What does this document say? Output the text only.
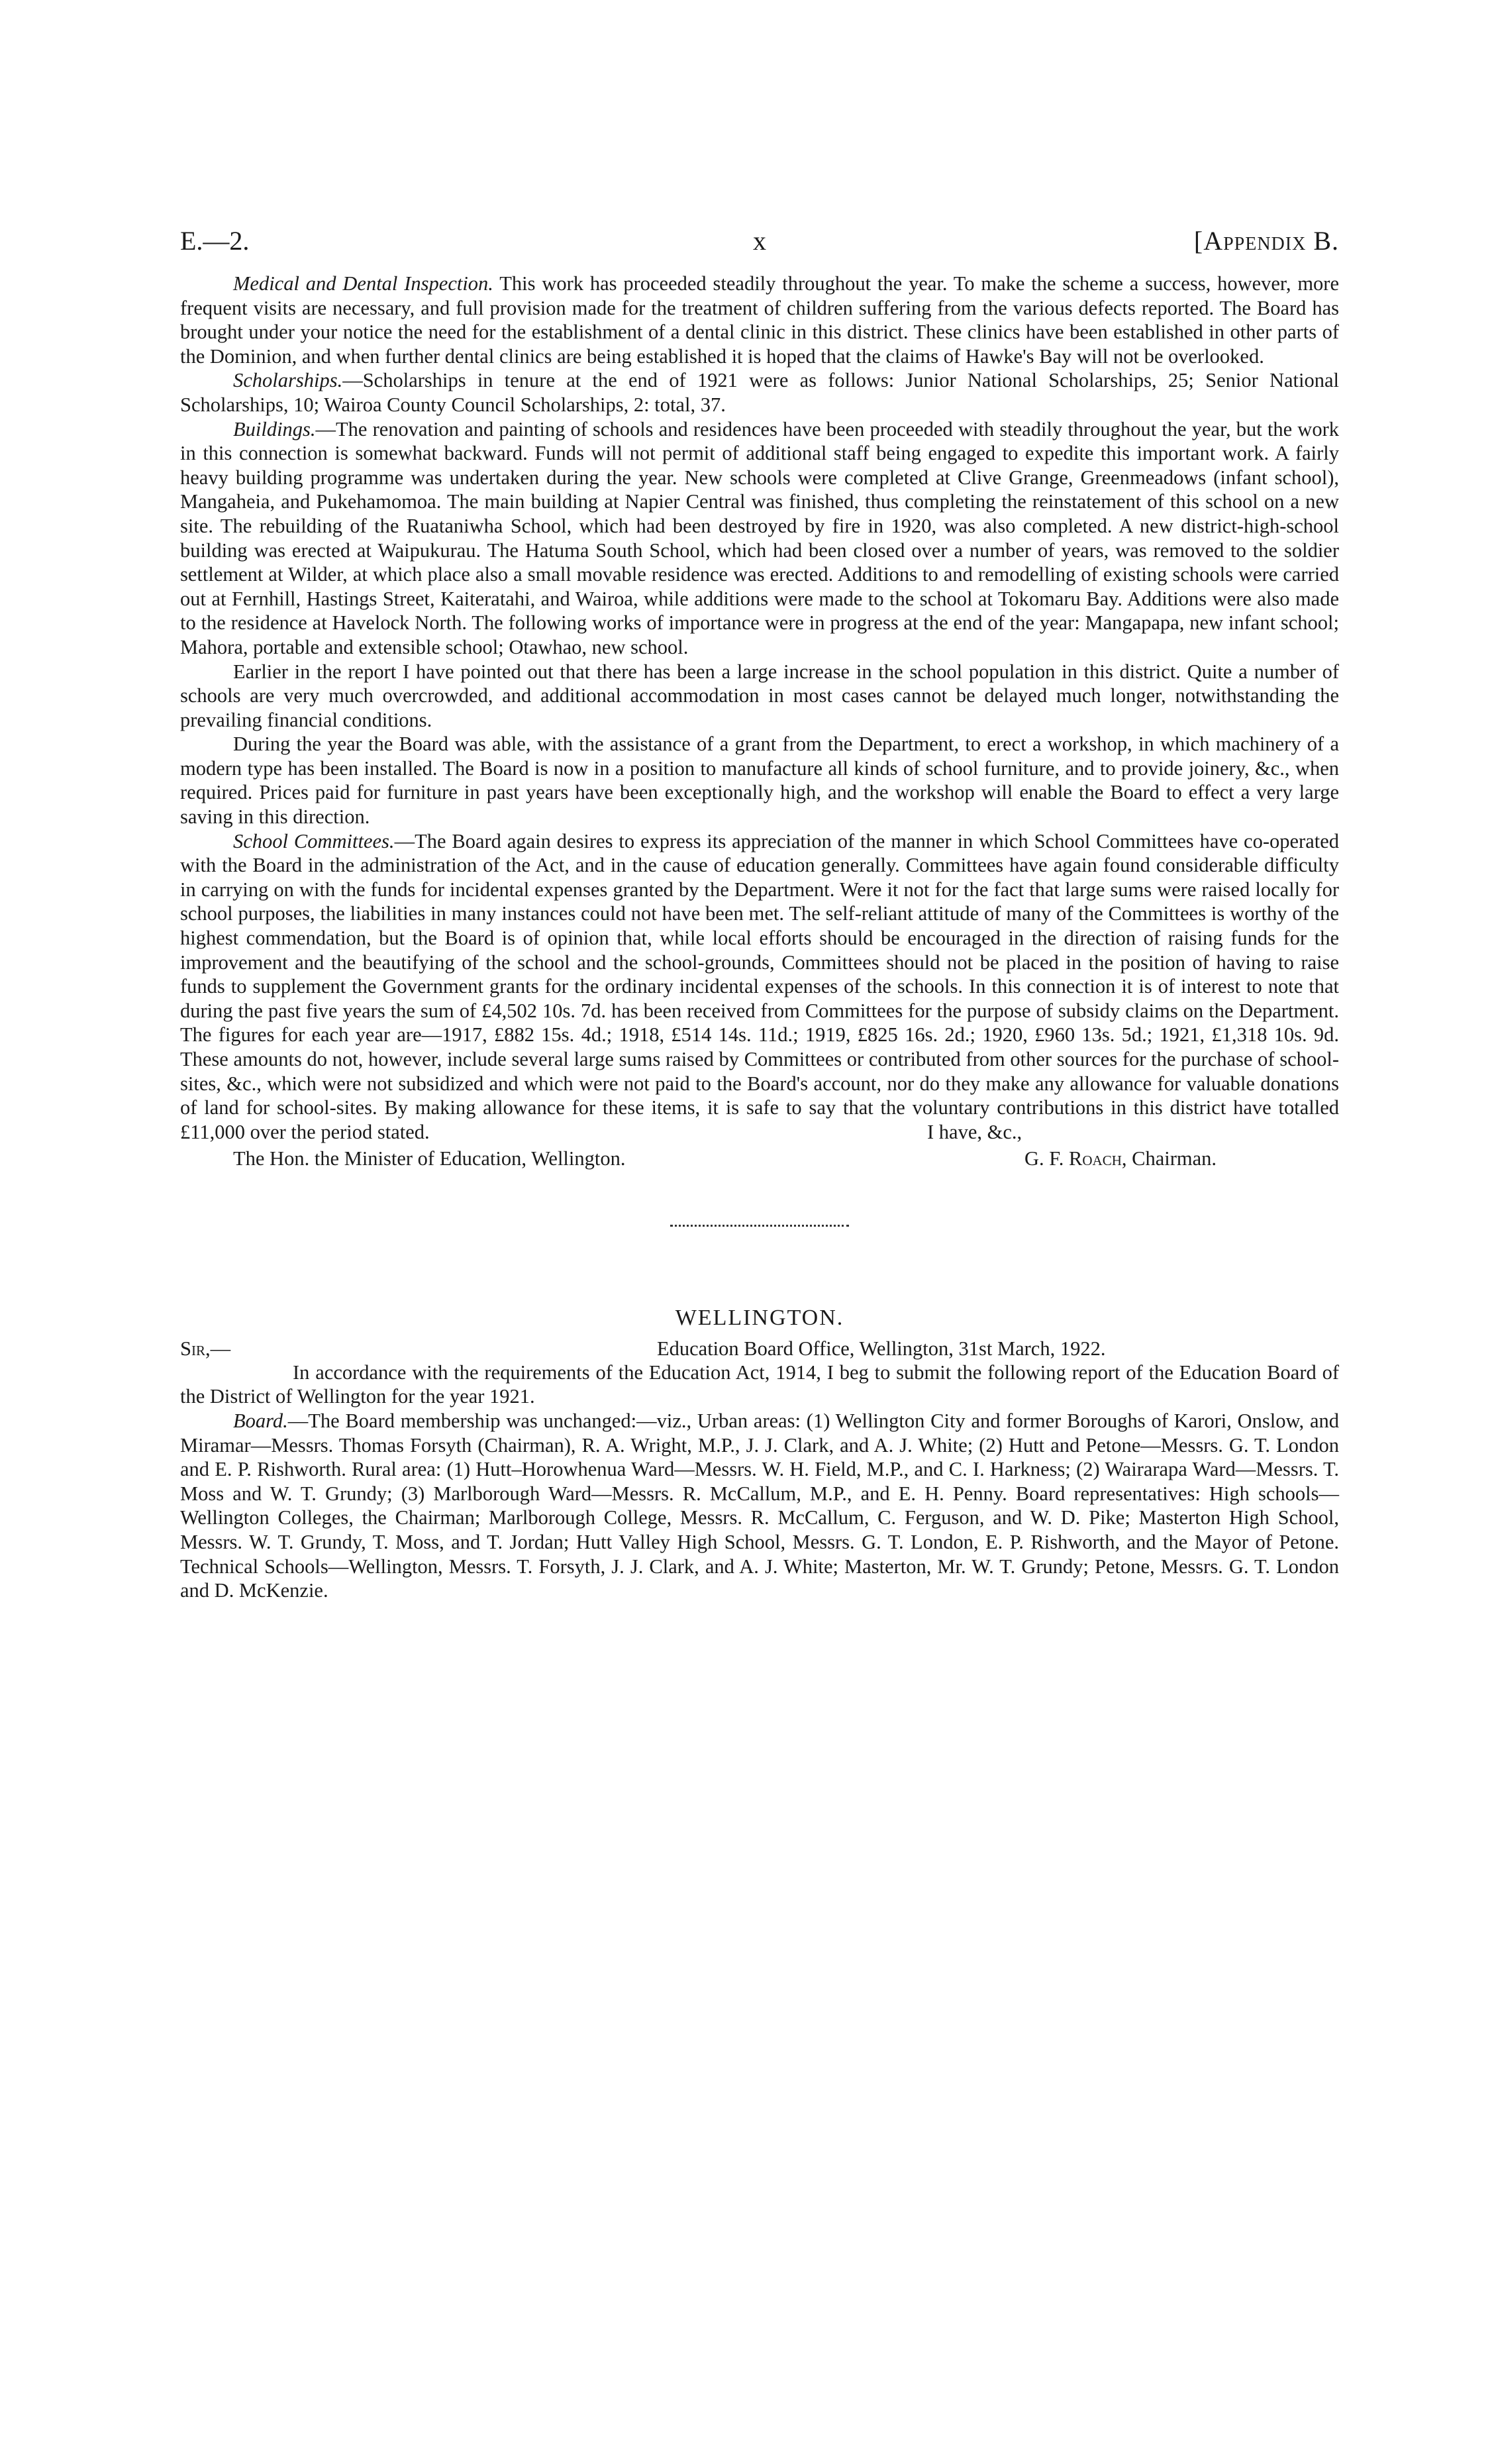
E.—2.	x	[Appendix B.

Medical and Dental Inspection. This work has proceeded steadily throughout the year. To make the scheme a success, however, more frequent visits are necessary, and full provision made for the treatment of children suffering from the various defects reported. The Board has brought under your notice the need for the establishment of a dental clinic in this district. These clinics have been established in other parts of the Dominion, and when further dental clinics are being established it is hoped that the claims of Hawke's Bay will not be overlooked.

Scholarships.—Scholarships in tenure at the end of 1921 were as follows: Junior National Scholarships, 25; Senior National Scholarships, 10; Wairoa County Council Scholarships, 2: total, 37.

Buildings.—The renovation and painting of schools and residences have been proceeded with steadily throughout the year, but the work in this connection is somewhat backward. Funds will not permit of additional staff being engaged to expedite this important work. A fairly heavy building programme was undertaken during the year. New schools were completed at Clive Grange, Greenmeadows (infant school), Mangaheia, and Pukehamomoa. The main building at Napier Central was finished, thus completing the reinstatement of this school on a new site. The rebuilding of the Ruataniwha School, which had been destroyed by fire in 1920, was also completed. A new district-high-school building was erected at Waipukurau. The Hatuma South School, which had been closed over a number of years, was removed to the soldier settlement at Wilder, at which place also a small movable residence was erected. Additions to and remodelling of existing schools were carried out at Fernhill, Hastings Street, Kaiteratahi, and Wairoa, while additions were made to the school at Tokomaru Bay. Additions were also made to the residence at Havelock North. The following works of importance were in progress at the end of the year: Mangapapa, new infant school; Mahora, portable and extensible school; Otawhao, new school.

Earlier in the report I have pointed out that there has been a large increase in the school population in this district. Quite a number of schools are very much overcrowded, and additional accommodation in most cases cannot be delayed much longer, notwithstanding the prevailing financial conditions.

During the year the Board was able, with the assistance of a grant from the Department, to erect a workshop, in which machinery of a modern type has been installed. The Board is now in a position to manufacture all kinds of school furniture, and to provide joinery, &c., when required. Prices paid for furniture in past years have been exceptionally high, and the workshop will enable the Board to effect a very large saving in this direction.

School Committees.—The Board again desires to express its appreciation of the manner in which School Committees have co-operated with the Board in the administration of the Act, and in the cause of education generally. Committees have again found considerable difficulty in carrying on with the funds for incidental expenses granted by the Department. Were it not for the fact that large sums were raised locally for school purposes, the liabilities in many instances could not have been met. The self-reliant attitude of many of the Committees is worthy of the highest commendation, but the Board is of opinion that, while local efforts should be encouraged in the direction of raising funds for the improvement and the beautifying of the school and the school-grounds, Committees should not be placed in the position of having to raise funds to supplement the Government grants for the ordinary incidental expenses of the schools. In this connection it is of interest to note that during the past five years the sum of £4,502 10s. 7d. has been received from Committees for the purpose of subsidy claims on the Department. The figures for each year are—1917, £882 15s. 4d.; 1918, £514 14s. 11d.; 1919, £825 16s. 2d.; 1920, £960 13s. 5d.; 1921, £1,318 10s. 9d. These amounts do not, however, include several large sums raised by Committees or contributed from other sources for the purchase of school-sites, &c., which were not subsidized and which were not paid to the Board's account, nor do they make any allowance for valuable donations of land for school-sites. By making allowance for these items, it is safe to say that the voluntary contributions in this district have totalled £11,000 over the period stated.	I have, &c.,
The Hon. the Minister of Education, Wellington.	G. F. Roach, Chairman.
WELLINGTON.
Sir,—	Education Board Office, Wellington, 31st March, 1922.

In accordance with the requirements of the Education Act, 1914, I beg to submit the following report of the Education Board of the District of Wellington for the year 1921.

Board.—The Board membership was unchanged:—viz., Urban areas: (1) Wellington City and former Boroughs of Karori, Onslow, and Miramar—Messrs. Thomas Forsyth (Chairman), R. A. Wright, M.P., J. J. Clark, and A. J. White; (2) Hutt and Petone—Messrs. G. T. London and E. P. Rishworth. Rural area: (1) Hutt–Horowhenua Ward—Messrs. W. H. Field, M.P., and C. I. Harkness; (2) Wairarapa Ward—Messrs. T. Moss and W. T. Grundy; (3) Marlborough Ward—Messrs. R. McCallum, M.P., and E. H. Penny. Board representatives: High schools—Wellington Colleges, the Chairman; Marlborough College, Messrs. R. McCallum, C. Ferguson, and W. D. Pike; Masterton High School, Messrs. W. T. Grundy, T. Moss, and T. Jordan; Hutt Valley High School, Messrs. G. T. London, E. P. Rishworth, and the Mayor of Petone. Technical Schools—Wellington, Messrs. T. Forsyth, J. J. Clark, and A. J. White; Masterton, Mr. W. T. Grundy; Petone, Messrs. G. T. London and D. McKenzie.
